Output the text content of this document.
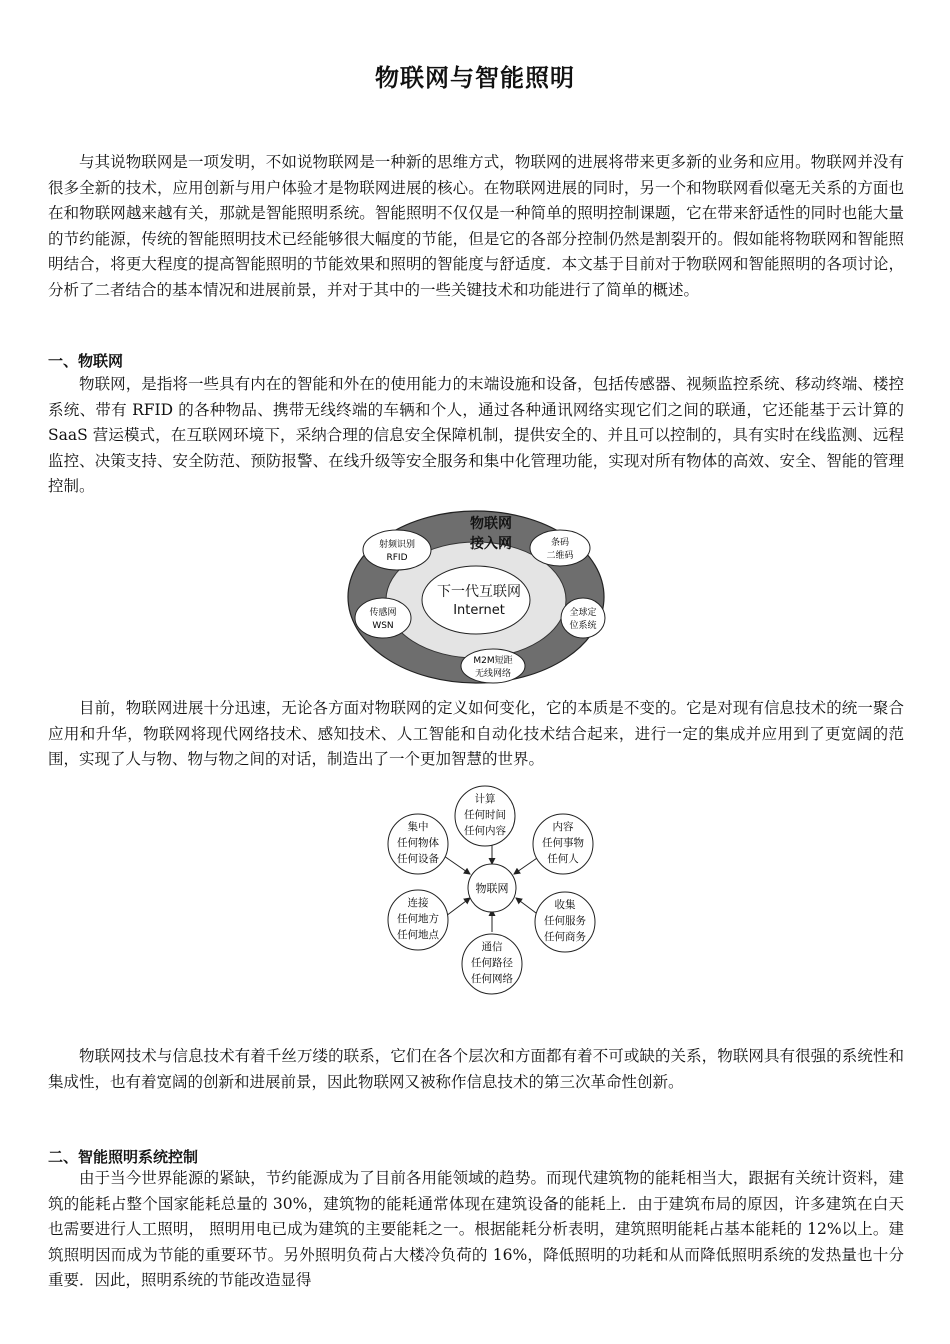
物联网与智能照明

与其说物联网是一项发明，不如说物联网是一种新的思维方式，物联网的进展将带来更多新的业务和应用。物联网并没有很多全新的技术，应用创新与用户体验才是物联网进展的核心。在物联网进展的同时，另一个和物联网看似毫无关系的方面也在和物联网越来越有关，那就是智能照明系统。智能照明不仅仅是一种简单的照明控制课题，它在带来舒适性的同时也能大量的节约能源，传统的智能照明技术已经能够很大幅度的节能，但是它的各部分控制仍然是割裂开的。假如能将物联网和智能照明结合，将更大程度的提高智能照明的节能效果和照明的智能度与舒适度．本文基于目前对于物联网和智能照明的各项讨论，分析了二者结合的基本情况和进展前景，并对于其中的一些关键技术和功能进行了简单的概述。

一、物联网

物联网，是指将一些具有内在的智能和外在的使用能力的末端设施和设备，包括传感器、视频监控系统、移动终端、楼控系统、带有 RFID 的各种物品、携带无线终端的车辆和个人，通过各种通讯网络实现它们之间的联通，它还能基于云计算的 SaaS 营运模式，在互联网环境下，采纳合理的信息安全保障机制，提供安全的、并且可以控制的，具有实时在线监测、远程监控、决策支持、安全防范、预防报警、在线升级等安全服务和集中化管理功能，实现对所有物体的高效、安全、智能的管理控制。

物联网
接入网
下一代互联网
Internet
射频识别
RFID
条码
二维码
传感网
WSN
全球定
位系统
M2M短距
无线网络

目前，物联网进展十分迅速，无论各方面对物联网的定义如何变化，它的本质是不变的。它是对现有信息技术的统一聚合应用和升华，物联网将现代网络技术、感知技术、人工智能和自动化技术结合起来，进行一定的集成并应用到了更宽阔的范围，实现了人与物、物与物之间的对话，制造出了一个更加智慧的世界。

物联网
计算
任何时间
任何内容	内容
任何事物
任何人
收集
任何服务
任何商务
通信
任何路径
任何网络
连接
任何地方
任何地点
集中
任何物体
任何设备

物联网技术与信息技术有着千丝万缕的联系，它们在各个层次和方面都有着不可或缺的关系，物联网具有很强的系统性和集成性，也有着宽阔的创新和进展前景，因此物联网又被称作信息技术的第三次革命性创新。

二、智能照明系统控制

由于当今世界能源的紧缺，节约能源成为了目前各用能领域的趋势。而现代建筑物的能耗相当大，跟据有关统计资料，建筑的能耗占整个国家能耗总量的 30%，建筑物的能耗通常体现在建筑设备的能耗上．由于建筑布局的原因，许多建筑在白天也需要进行人工照明， 照明用电已成为建筑的主要能耗之一。根据能耗分析表明，建筑照明能耗占基本能耗的 12%以上。建筑照明因而成为节能的重要环节。另外照明负荷占大楼冷负荷的 16%，降低照明的功耗和从而降低照明系统的发热量也十分重要．因此，照明系统的节能改造显得
